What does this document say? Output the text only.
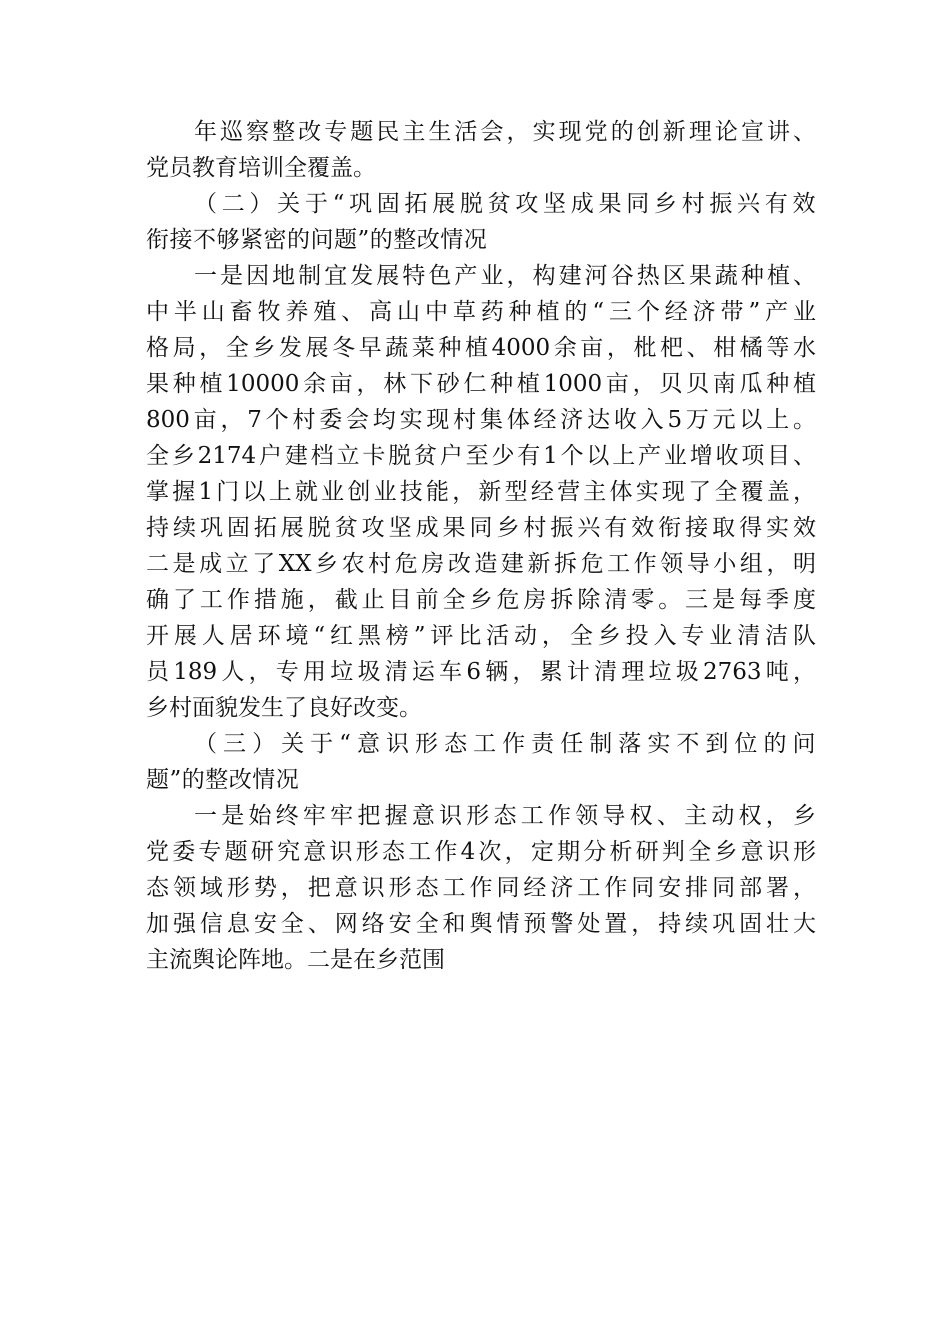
年巡察整改专题民主生活会，实现党的创新理论宣讲、
党员教育培训全覆盖。
（二）关于“巩固拓展脱贫攻坚成果同乡村振兴有效
衔接不够紧密的问题”的整改情况
一是因地制宜发展特色产业，构建河谷热区果蔬种植、
中半山畜牧养殖、高山中草药种植的“三个经济带”产业
格局，全乡发展冬早蔬菜种植4000余亩，枇杷、柑橘等水
果种植10000余亩，林下砂仁种植1000亩，贝贝南瓜种植
800亩，7个村委会均实现村集体经济达收入5万元以上。
全乡2174户建档立卡脱贫户至少有1个以上产业增收项目、
掌握1门以上就业创业技能，新型经营主体实现了全覆盖，
持续巩固拓展脱贫攻坚成果同乡村振兴有效衔接取得实效
二是成立了XX乡农村危房改造建新拆危工作领导小组，明
确了工作措施，截止目前全乡危房拆除清零。三是每季度
开展人居环境“红黑榜”评比活动，全乡投入专业清洁队
员189人，专用垃圾清运车6辆，累计清理垃圾2763吨，
乡村面貌发生了良好改变。
（三）关于“意识形态工作责任制落实不到位的问
题”的整改情况
一是始终牢牢把握意识形态工作领导权、主动权，乡
党委专题研究意识形态工作4次，定期分析研判全乡意识形
态领域形势，把意识形态工作同经济工作同安排同部署，
加强信息安全、网络安全和舆情预警处置，持续巩固壮大
主流舆论阵地。二是在乡范围
